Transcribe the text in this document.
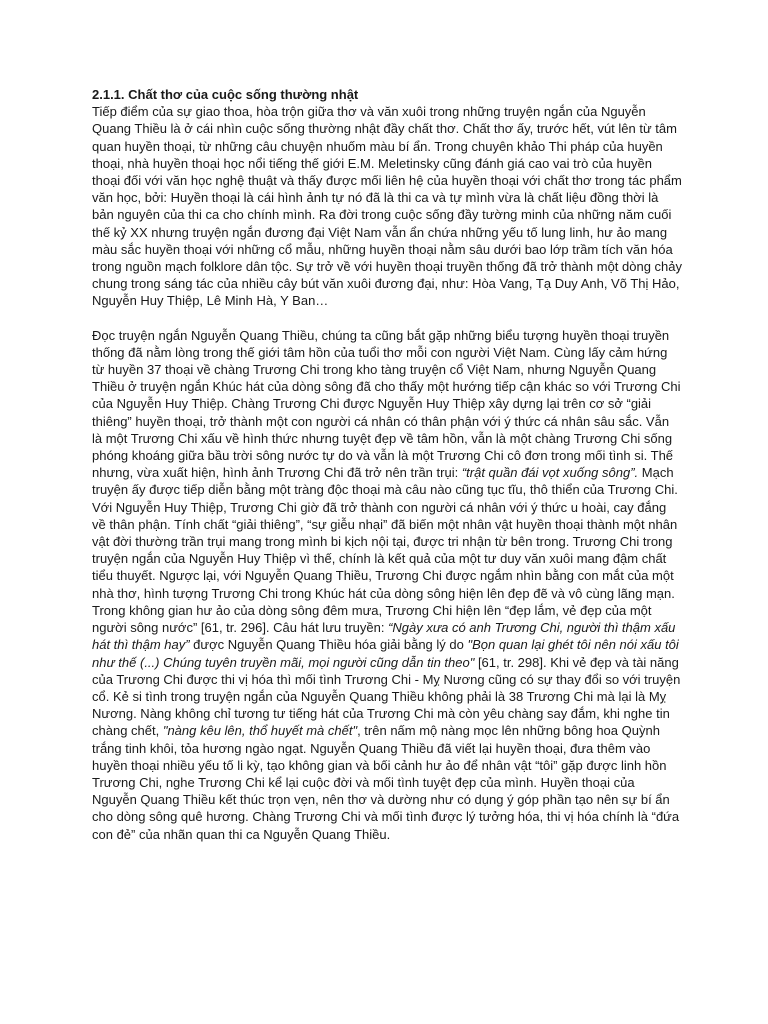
2.1.1. Chất thơ của cuộc sống thường nhật

Tiếp điểm của sự giao thoa, hòa trộn giữa thơ và văn xuôi trong những truyện ngắn của Nguyễn Quang Thiều là ở cái nhìn cuộc sống thường nhật đầy chất thơ. Chất thơ ấy, trước hết, vút lên từ tâm quan huyền thoại, từ những câu chuyện nhuốm màu bí ẩn. Trong chuyên khảo Thi pháp của huyền thoại, nhà huyền thoại học nổi tiếng thế giới E.M. Meletinsky cũng đánh giá cao vai trò của huyền thoại đối với văn học nghệ thuật và thấy được mối liên hệ của huyền thoại với chất thơ trong tác phẩm văn học, bởi: Huyền thoại là cái hình ảnh tự nó đã là thi ca và tự mình vừa là chất liệu đồng thời là bản nguyên của thi ca cho chính mình. Ra đời trong cuộc sống đầy tường minh của những năm cuối thế kỷ XX nhưng truyện ngắn đương đại Việt Nam vẫn ẩn chứa những yếu tố lung linh, hư ảo mang màu sắc huyền thoại với những cổ mẫu, những huyền thoại nằm sâu dưới bao lớp trầm tích văn hóa trong nguồn mạch folklore dân tộc. Sự trở về với huyền thoại truyền thống đã trở thành một dòng chảy chung trong sáng tác của nhiều cây bút văn xuôi đương đại, như: Hòa Vang, Tạ Duy Anh, Võ Thị Hảo, Nguyễn Huy Thiệp, Lê Minh Hà, Y Ban…

Đọc truyện ngắn Nguyễn Quang Thiều, chúng ta cũng bắt gặp những biểu tượng huyền thoại truyền thống đã nằm lòng trong thế giới tâm hồn của tuổi thơ mỗi con người Việt Nam. Cùng lấy cảm hứng từ huyền 37 thoại về chàng Trương Chi trong kho tàng truyện cổ Việt Nam, nhưng Nguyễn Quang Thiều ở truyện ngắn Khúc hát của dòng sông đã cho thấy một hướng tiếp cận khác so với Trương Chi của Nguyễn Huy Thiệp. Chàng Trương Chi được Nguyễn Huy Thiệp xây dựng lại trên cơ sở “giải thiêng” huyền thoại, trở thành một con người cá nhân có thân phận với ý thức cá nhân sâu sắc. Vẫn là một Trương Chi xấu về hình thức nhưng tuyệt đẹp về tâm hồn, vẫn là một chàng Trương Chi sống phóng khoáng giữa bầu trời sông nước tự do và vẫn là một Trương Chi cô đơn trong mối tình si. Thế nhưng, vừa xuất hiện, hình ảnh Trương Chi đã trở nên trần trụi: “trật quần đái vọt xuống sông”. Mạch truyện ấy được tiếp diễn bằng một tràng độc thoại mà câu nào cũng tục tĩu, thô thiển của Trương Chi. Với Nguyễn Huy Thiệp, Trương Chi giờ đã trở thành con người cá nhân với ý thức u hoài, cay đắng về thân phận. Tính chất “giải thiêng”, “sự giễu nhại” đã biến một nhân vật huyền thoại thành một nhân vật đời thường trần trụi mang trong mình bi kịch nội tại, được tri nhận từ bên trong. Trương Chi trong truyện ngắn của Nguyễn Huy Thiệp vì thế, chính là kết quả của một tư duy văn xuôi mang đậm chất tiểu thuyết. Ngược lại, với Nguyễn Quang Thiều, Trương Chi được ngắm nhìn bằng con mắt của một nhà thơ, hình tượng Trương Chi trong Khúc hát của dòng sông hiện lên đẹp đẽ và vô cùng lãng mạn. Trong không gian hư ảo của dòng sông đêm mưa, Trương Chi hiện lên “đẹp lắm, vẻ đẹp của một người sông nước” [61, tr. 296]. Câu hát lưu truyền: “Ngày xưa có anh Trương Chi, người thì thậm xấu hát thì thậm hay” được Nguyễn Quang Thiều hóa giải bằng lý do "Bọn quan lại ghét tôi nên nói xấu tôi như thế (...) Chúng tuyên truyền mãi, mọi người cũng dẫn tin theo" [61, tr. 298]. Khi vẻ đẹp và tài năng của Trương Chi được thi vị hóa thì mối tình Trương Chi - Mỵ Nương cũng có sự thay đổi so với truyện cổ. Kẻ si tình trong truyện ngắn của Nguyễn Quang Thiều không phải là 38 Trương Chi mà lại là Mỵ Nương. Nàng không chỉ tương tư tiếng hát của Trương Chi mà còn yêu chàng say đắm, khi nghe tin chàng chết, "nàng kêu lên, thổ huyết mà chết", trên nấm mộ nàng mọc lên những bông hoa Quỳnh trắng tinh khôi, tỏa hương ngào ngạt. Nguyễn Quang Thiều đã viết lại huyền thoại, đưa thêm vào huyền thoại nhiều yếu tố li kỳ, tạo không gian và bối cảnh hư ảo để nhân vật “tôi” gặp được linh hồn Trương Chi, nghe Trương Chi kể lại cuộc đời và mối tình tuyệt đẹp của mình. Huyền thoại của Nguyễn Quang Thiều kết thúc trọn vẹn, nên thơ và dường như có dụng ý góp phần tạo nên sự bí ẩn cho dòng sông quê hương. Chàng Trương Chi và mối tình được lý tưởng hóa, thi vị hóa chính là “đứa con đẻ” của nhãn quan thi ca Nguyễn Quang Thiều.
